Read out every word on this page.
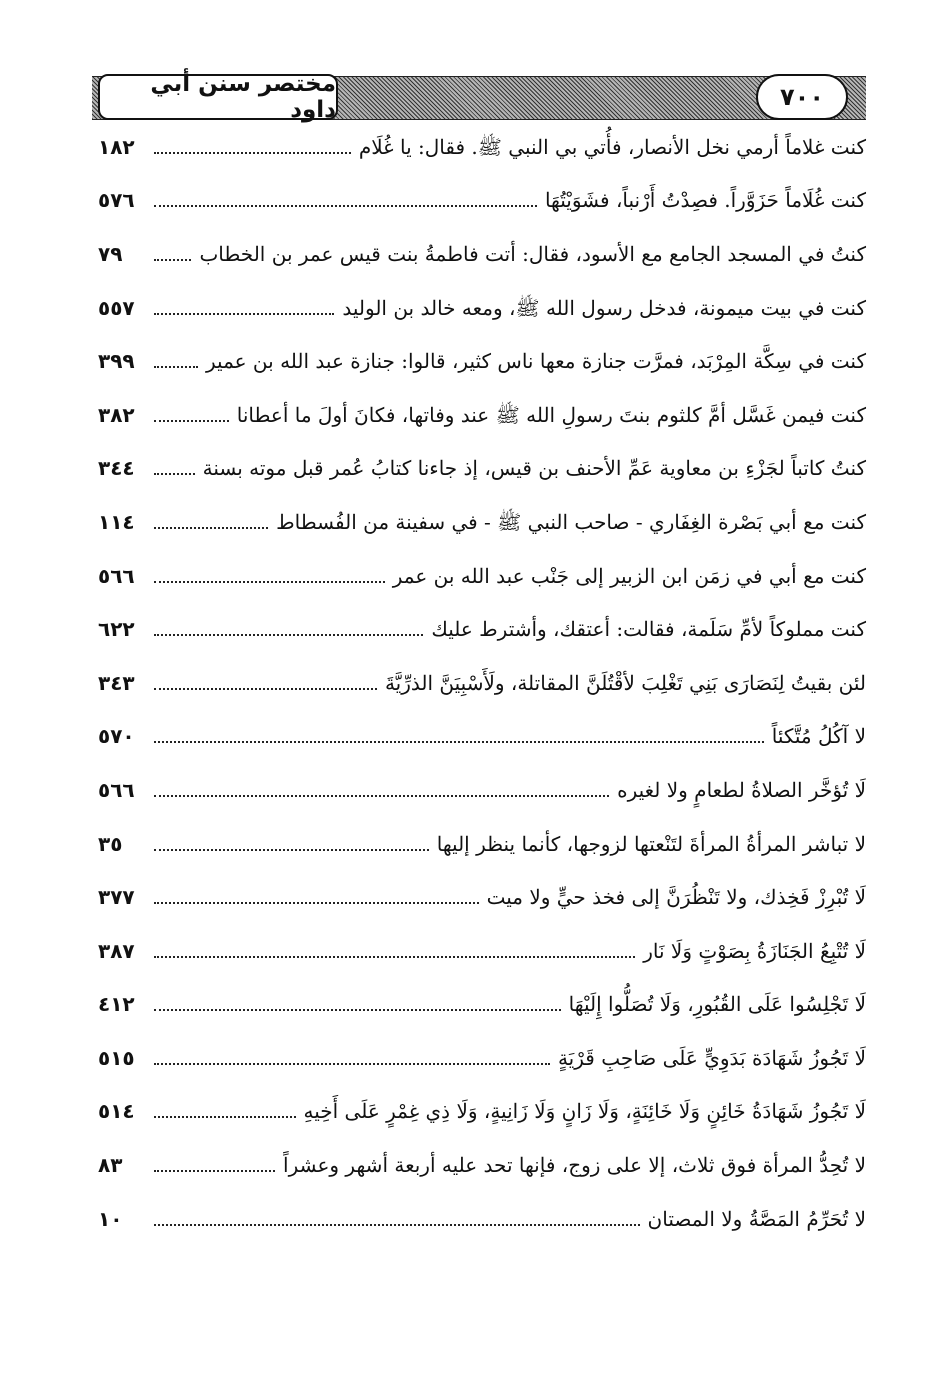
٧٠٠
مختصر سنن أبي داود
كنت غلاماً أرمي نخل الأنصار، فأُتي بي النبي ﷺ. فقال: يا غُلَام
١٨٢
كنت غُلَاماً حَزَوَّراً. فصِدْتُ أَرْنباً، فشَوَيْتُهَا
٥٧٦
كنتُ في المسجد الجامع مع الأسود، فقال: أتت فاطمةُ بنت قيس عمر بن الخطاب
٧٩
كنت في بيت ميمونة، فدخل رسول الله ﷺ، ومعه خالد بن الوليد
٥٥٧
كنت في سِكَّة المِرْبَد، فمرَّت جنازة معها ناس كثير، قالوا: جنازة عبد الله بن عمير
٣٩٩
كنت فيمن غَسَّل أمَّ كلثوم بنتَ رسولِ الله ﷺ عند وفاتها، فكانَ أولَ ما أعطانا
٣٨٢
كنتُ كاتباً لجَزْءِ بن معاوية عَمِّ الأحنف بن قيس، إذ جاءنا كتابُ عُمر قبل موته بسنة
٣٤٤
كنت مع أبي بَصْرة الغِفَاري - صاحب النبي ﷺ - في سفينة من الفُسطاط
١١٤
كنت مع أبي في زمَن ابن الزبير إلى جَنْب عبد الله بن عمر
٥٦٦
كنت مملوكاً لأمِّ سَلَمة، فقالت: أعتقك، وأشترط عليك
٦٢٢
لئن بقيتُ لِنَصَارَى بَنِي تَغْلِبَ لأقْتُلَنَّ المقاتلة، ولَأَسْبِيَنَّ الذرِّيَّةَ
٣٤٣
لا آكُلُ مُتَّكئاً
٥٧٠
لَا تُؤخَّر الصلاةُ لطعامٍ ولا لغيره
٥٦٦
لا تباشر المرأةُ المرأةَ لتَنْعتها لزوجها، كأنما ينظر إليها
٣٥
لَا تُبْرِزْ فَخِذك، ولا تَنْظُرَنَّ إلى فخذ حيٍّ ولا ميت
٣٧٧
لَا تُتْبِعُ الجَنَازَةُ بِصَوْتٍ وَلَا نَار
٣٨٧
لَا تَجْلِسُوا عَلَى القُبُورِ، وَلَا تُصَلُّوا إِلَيْهَا
٤١٢
لَا تَجُوزُ شَهَادَة بَدَوِيٍّ عَلَى صَاحِبِ قَرْيَةٍ
٥١٥
لَا تَجُوزُ شَهَادَةُ خَائِنٍ وَلَا خَائِنَةٍ، وَلَا زَانٍ وَلَا زَانِيةٍ، وَلَا ذِي غِمْرٍ عَلَى أَخِيهِ
٥١٤
لا تُحِدُّ المرأة فوق ثلاث، إلا على زوج، فإنها تحد عليه أربعة أشهر وعشراً
٨٣
لا تُحَرِّمُ المَصَّةُ ولا المصتان
١٠
